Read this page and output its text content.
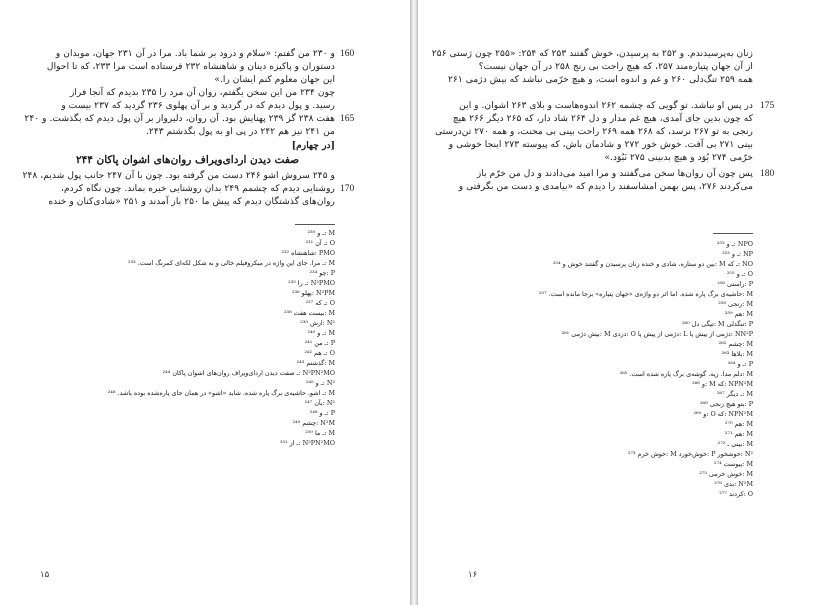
و ۲۳۰ من گفتم: «سلام و درود بر شما باد. مرا در آن ۲۳۱ جهان، موبدان و
دستوران و پاکیزه دینان و شاهنشاه ۲۳۲ فرستاده است مرا ۲۳۳، که تا احوال
این جهان معلوم کنم ایشان را.»
چون ۲۳۴ من این سخن بگفتم، روان آن مرد را ۲۳۵ بدیدم که آنجا فراز
رسید. و پول دیدم که در گردید و بر آن پهلوی ۲۳۶ گردید که ۲۳۷ بیست و
هفت ۲۳۸ گز ۲۳۹ پهنایش بود. آن روان، دلیرواز بر آن پول دیدم که بگذشت. و ۲۴۰
من ۲۴۱ نیز هم ۲۴۲ در پی او به پول بگذشتم ۲۴۳.
[در چهارم]
صفت دیدن اردای‌ویراف روان‌های اشوان پاکان ۲۴۴
و ۲۴۵ سروش اشو ۲۴۶ دست من گرفته بود. چون با آن ۲۴۷ جانب پول شدیم، ۲۴۸
روشنایی دیدم که چشمم ۲۴۹ بدان روشنایی خیره بماند. چون نگاه کردم،
روان‌های گذشتگان دیدم که پیش ما ۲۵۰ باز آمدند و ۲۵۱ «شادی‌کنان و خنده‌
160
165
170
M :ـ و ²³⁰
O :ـ آن ²³¹
PMO :شاهنشاه ²³²
M :ـ مرا. جای این واژه در میکروفیلم خالی و به شکل لکه‌ای کمرنگ است. ²³³
P :چو ²³⁴
N²PMO :ـ را ²³⁵
N²PM :پهلو ²³⁶
O :ـ که ²³⁷
M :بیست هفت ²³⁸
N² :ارش ²³⁹
M :ـ و ²⁴⁰
P :ـ من ²⁴¹
O :ـ هم ²⁴²
M :گذشتم ²⁴³
N²PN²MO :ـ صفت دیدن اردای‌ویراف روان‌های اشوان پاکان ²⁴⁴
N² :ـ و ²⁴⁵
M :ـ اشو. حاشیه‌ی برگ پاره شده. شاید «اشو» در همان جای پاره‌شده بوده باشد. ²⁴⁶
N² :بآن ²⁴⁷
P :ـ و ²⁴⁸
N²M :چشم ²⁴⁹
M :ـ ما ²⁵⁰
N²PN²MO :ـ از ²⁵¹
۱۵
زنان به‌پرسیدندم. و ۲۵۲ به پرسیدن، خوش گفتند ۲۵۳ که ۲۵۴: «۲۵۵ چون رَستی ۲۵۶
از آن جهان پتیاره‌مند ۲۵۷، که هیچ راحت بی رنج ۲۵۸ در آن جهان نیست؟
همه ۲۵۹ تنگ‌دلی ۲۶۰ و غم و اندوه است، و هیچ خرّمی نباشد که بیش دژمی ۲۶۱
در پس او نباشد. تو گویی که چشمه ۲۶۲ اندوه‌هاست و بلای ۲۶۳ اشوان. و این
که چون بدین جای آمدی، هیچ غم مدار و دل ۲۶۴ شاد دار، که ۲۶۵ دیگر ۲۶۶ هیچ
رنجی به تو ۲۶۷ نرسد، که ۲۶۸ همه ۲۶۹ راحت بینی بی محنت، و همه ۲۷۰ تن‌درستی
بینی ۲۷۱ بی آفت. خوش خور ۲۷۲ و شادمان باش، که پیوسته ۲۷۳ اینجا خوشی و
خرّمی ۲۷۴ بُوَد و هیچ بدبینی ۲۷۵ نَبُوَد.»
پس چون آن روان‌ها سخن می‌گفتند و مرا امید می‌دادند و دل من خرّم باز
می‌کردند ۲۷۶، پس بهمن امشاسفند را دیدم که «بیامدی و دست من بگرفتی و
175
180
NPO :ـ و ²⁵²
NP :ـ و ²⁵³
NO :ـ که M :بین دو ستاره، شادی و خنده زنان پرسیدن و گفتند خوش و ²⁵⁴
O :ـ و ²⁵⁵
P :راستی ²⁵⁶
M :حاشیه‌ی برگ پاره شده. اما اثر دو واژه‌ی «جهان پتیاره» برجا مانده است. ²⁵⁷
M :رنجی ²⁵⁸
M :هم ²⁵⁹
P :تنگدلی M :تیگی دل ²⁶⁰
NN²P :دژمی از پیش پا L :دژمی از پیش پا O :دردی M :بیش دژمی ²⁶¹
M :چشم ²⁶²
M :بلاها ²⁶³
P :ـ و ²⁶⁴
M :دلم مدا. زیه. گوشه‌ی برگ پاره شده است. ²⁶⁵
NPN²M :که M :و ²⁶⁶
M :ـ دیگر ²⁶⁷
P :بتو هیچ رنجی ²⁶⁸
NPN²M :که O :و ²⁶⁹
M :هم ²⁷⁰
M :هم ²⁷¹
M :بینی ـ ²⁷²
N² :خوشخور P :خوش‌خورد M :خوش خرم ²⁷³
M :پیوست ²⁷⁴
M :خوش خرمی ²⁷⁵
N²M :بدی ²⁷⁶
O :کردند ²⁷⁷
۱۶
